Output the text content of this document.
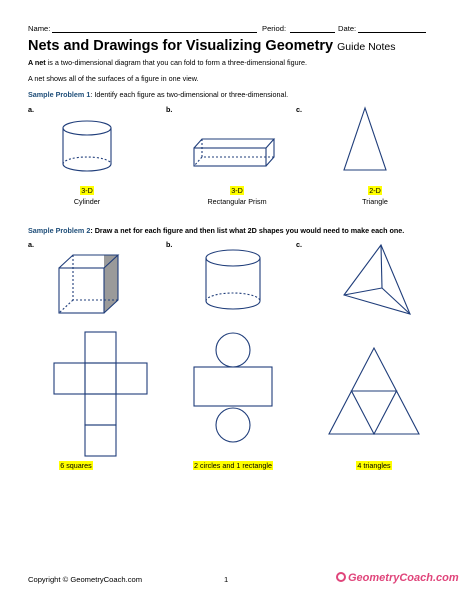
Name:	Period:	Date:
Nets and Drawings for Visualizing Geometry Guide Notes
A net is a two-dimensional diagram that you can fold to form a three-dimensional figure.
A net shows all of the surfaces of a figure in one view.
Sample Problem 1: Identify each figure as two-dimensional or three-dimensional.
a.	b.	c.
3-D
Cylinder
3-D
Rectangular Prism
2-D
Triangle
Sample Problem 2: Draw a net for each figure and then list what 2D shapes you would need to make each one.
a.	b.	c.
6 squares	2 circles and 1 rectangle	4 triangles
Copyright © GeometryCoach.com	1	GeometryCoach.com
